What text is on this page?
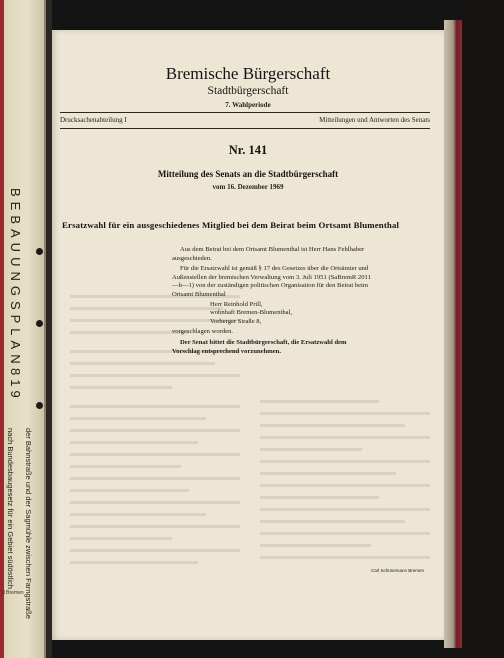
BEBAUUNGSPLAN
819
nach Bundesbaugesetz für ein Gebiet südöstlich der Bahnstraße und der Sagmühle zwischen Farngstraße
d Bremen
Bremische Bürgerschaft
Stadtbürgerschaft
7. Wahlperiode
Drucksachenabteilung I	Mitteilungen und Antworten des Senats
Nr. 141
Mitteilung des Senats an die Stadtbürgerschaft
vom 16. Dezember 1969
Ersatzwahl für ein ausgeschiedenes Mitglied bei dem Beirat beim Ortsamt Blumenthal

Aus dem Beirat bei dem Ortsamt Blumenthal ist Herr Hans Fehlhaber ausgeschieden.

Für die Ersatzwahl ist gemäß § 17 des Gesetzes über die Ortsämter und Außenstellen der bremischen Verwaltung vom 3. Juli 1951 (SaBremR 2011—b—1) von der zuständigen politischen Organisation für den Beirat beim Ortsamt Blumenthal

Herr Reinhold Prill,

wohnhaft Bremen-Blumenthal,

Vorberger Straße 8,

vorgeschlagen worden.

Der Senat bittet die Stadtbürgerschaft, die Ersatzwahl dem Vorschlag entsprechend vorzunehmen.

Carl Schünemann Bremen
